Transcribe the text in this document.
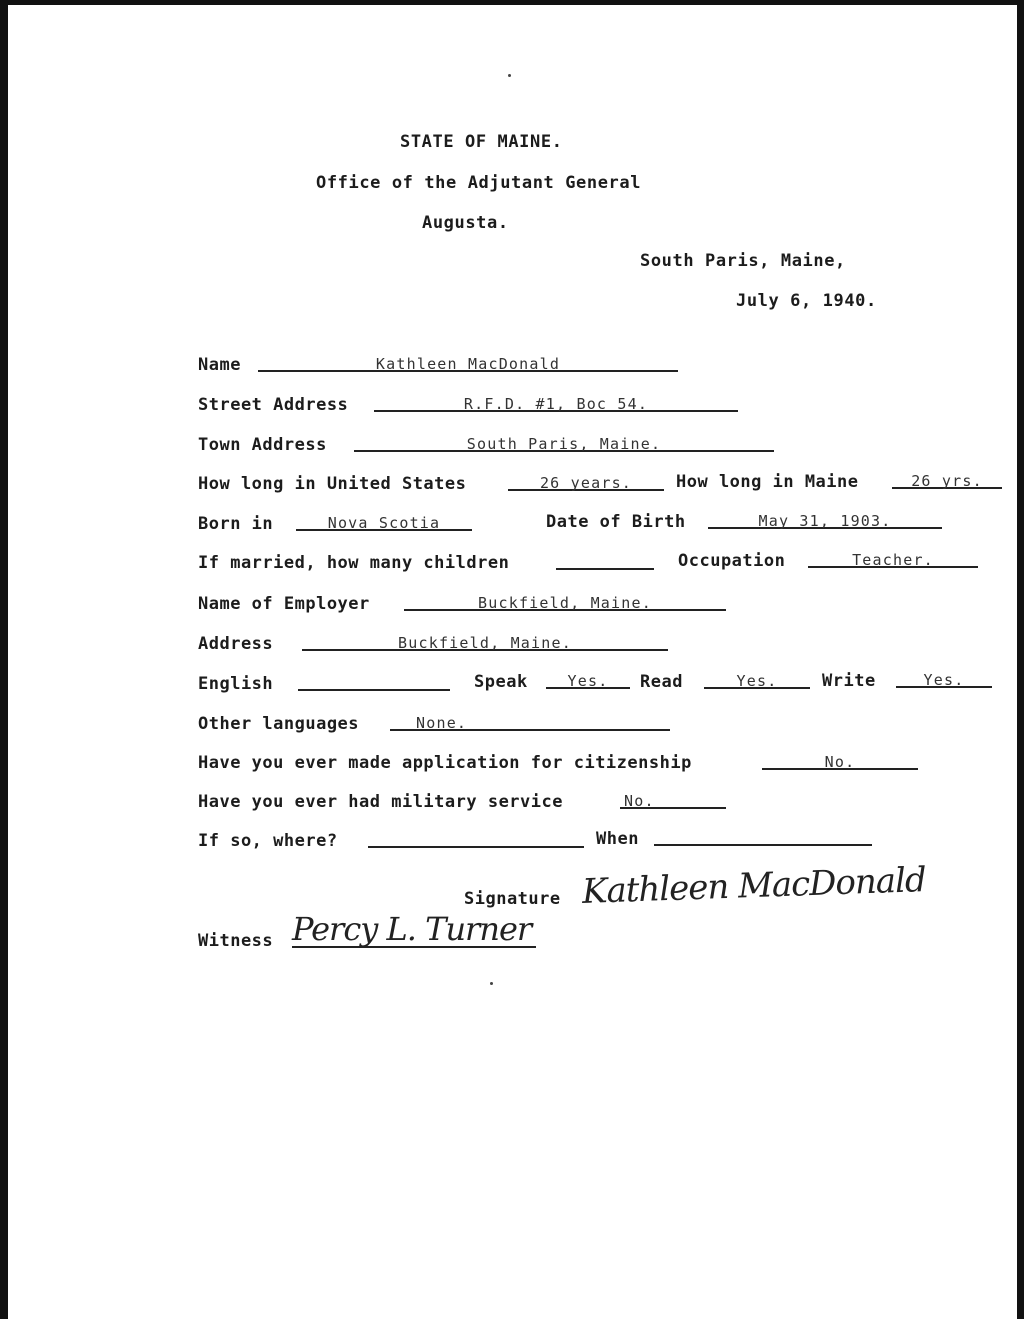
STATE OF MAINE.
Office of the Adjutant General
Augusta.
South Paris, Maine,
July 6, 1940.
Name	Kathleen MacDonald
Street Address	R.F.D. #1, Boc 54.
Town Address	South Paris, Maine.
How long in United States	26 years.	How long in Maine	26 yrs.
Born in	Nova Scotia	Date of Birth	May 31, 1903.
If married, how many children	Occupation	Teacher.
Name of Employer	Buckfield, Maine.
Address	Buckfield, Maine.
English	Speak	Yes.	Read	Yes.	Write	Yes.
Other languages	None.
Have you ever made application for citizenship	No.
Have you ever had military service	No.
If so, where?	When
Signature Kathleen MacDonald
Witness Percy L. Turner
